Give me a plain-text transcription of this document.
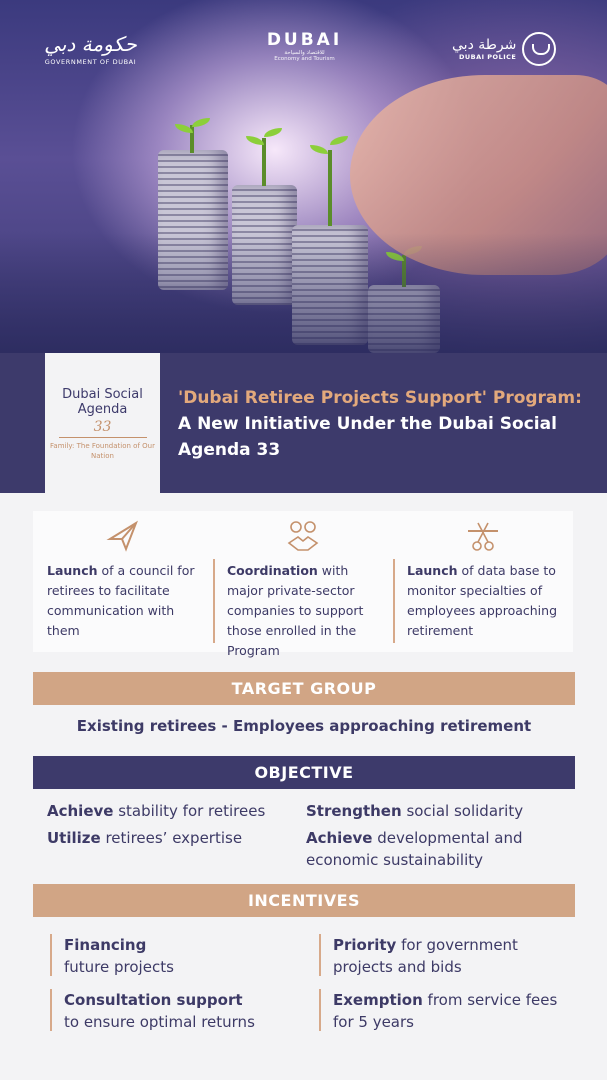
حكومة دبي
GOVERNMENT OF DUBAI
DUBAI
للاقتصاد والسياحة
Economy and Tourism
شرطة دبي
DUBAI POLICE
Dubai Social Agenda
33
Family: The Foundation of Our Nation
'Dubai Retiree Projects Support' Program: A New Initiative Under the Dubai Social Agenda 33
Launch of a council for retirees to facilitate communication with them
Coordination with major private-sector companies to support those enrolled in the Program
Launch of data base to monitor specialties of employees approaching retirement
TARGET GROUP
Existing retirees - Employees approaching retirement
OBJECTIVE
Achieve stability for retirees	Strengthen social solidarity
Utilize retirees’ expertise	Achieve developmental and economic sustainability
INCENTIVES
Financing
future projects
Priority for government projects and bids
Consultation support
to ensure optimal returns
Exemption from service fees for 5 years
